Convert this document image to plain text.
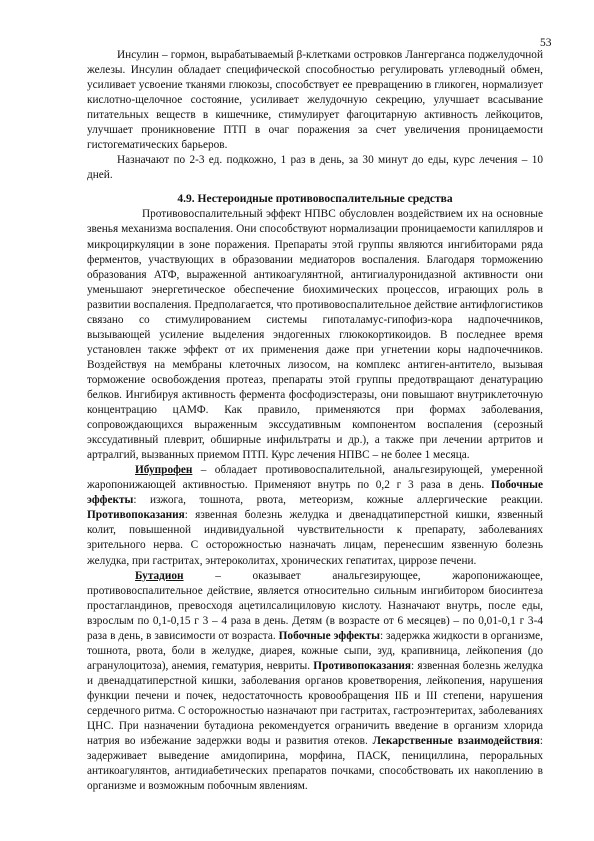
53

Инсулин – гормон, вырабатываемый β-клетками островков Лангерганса поджелудочной железы. Инсулин обладает специфической способностью регулировать углеводный обмен, усиливает усвоение тканями глюкозы, способствует ее превращению в гликоген, нормализует кислотно-щелочное состояние, усиливает желудочную секрецию, улучшает всасывание питательных веществ в кишечнике, стимулирует фагоцитарную активность лейкоцитов, улучшает проникновение ПТП в очаг поражения за счет увеличения проницаемости гистогематических барьеров.

Назначают по 2-3 ед. подкожно, 1 раз в день, за 30 минут до еды, курс лечения – 10 дней.

4.9. Нестероидные противовоспалительные средства

Противовоспалительный эффект НПВС обусловлен воздействием их на основные звенья механизма воспаления. Они способствуют нормализации проницаемости капилляров и микроциркуляции в зоне поражения. Препараты этой группы являются ингибиторами ряда ферментов, участвующих в образовании медиаторов воспаления. Благодаря торможению образования АТФ, выраженной антикоагулянтной, антигиалуронидазной активности они уменьшают энергетическое обеспечение биохимических процессов, играющих роль в развитии воспаления. Предполагается, что противовоспалительное действие антифлогистиков связано со стимулированием системы гипоталамус-гипофиз-кора надпочечников, вызывающей усиление выделения эндогенных глюкокортикоидов. В последнее время установлен также эффект от их применения даже при угнетении коры надпочечников. Воздействуя на мембраны клеточных лизосом, на комплекс антиген-антитело, вызывая торможение освобождения протеаз, препараты этой группы предотвращают денатурацию белков. Ингибируя активность фермента фосфодиэстеразы, они повышают внутриклеточную концентрацию цАМФ. Как правило, применяются при формах заболевания, сопровождающихся выраженным экссудативным компонентом воспаления (серозный экссудативный плеврит, обширные инфильтраты и др.), а также при лечении артритов и артралгий, вызванных приемом ПТП. Курс лечения НПВС – не более 1 месяца.

Ибупрофен – обладает противовоспалительной, анальгезирующей, умеренной жаропонижающей активностью. Применяют внутрь по 0,2 г 3 раза в день. Побочные эффекты: изжога, тошнота, рвота, метеоризм, кожные аллергические реакции. Противопоказания: язвенная болезнь желудка и двенадцатиперстной кишки, язвенный колит, повышенной индивидуальной чувствительности к препарату, заболеваниях зрительного нерва. С осторожностью назначать лицам, перенесшим язвенную болезнь желудка, при гастритах, энтероколитах, хронических гепатитах, циррозе печени.

Бутадион – оказывает анальгезирующее, жаропонижающее, противовоспалительное действие, является относительно сильным ингибитором биосинтеза простагландинов, превосходя ацетилсалициловую кислоту. Назначают внутрь, после еды, взрослым по 0,1-0,15 г 3 – 4 раза в день. Детям (в возрасте от 6 месяцев) – по 0,01-0,1 г 3-4 раза в день, в зависимости от возраста. Побочные эффекты: задержка жидкости в организме, тошнота, рвота, боли в желудке, диарея, кожные сыпи, зуд, крапивница, лейкопения (до агранулоцитоза), анемия, гематурия, невриты. Противопоказания: язвенная болезнь желудка и двенадцатиперстной кишки, заболевания органов кроветворения, лейкопения, нарушения функции печени и почек, недостаточность кровообращения IIБ и III степени, нарушения сердечного ритма. С осторожностью назначают при гастритах, гастроэнтеритах, заболеваниях ЦНС. При назначении бутадиона рекомендуется ограничить введение в организм хлорида натрия во избежание задержки воды и развития отеков. Лекарственные взаимодействия: задерживает выведение амидопирина, морфина, ПАСК, пенициллина, пероральных антикоагулянтов, антидиабетических препаратов почками, способствовать их накоплению в организме и возможным побочным явлениям.
